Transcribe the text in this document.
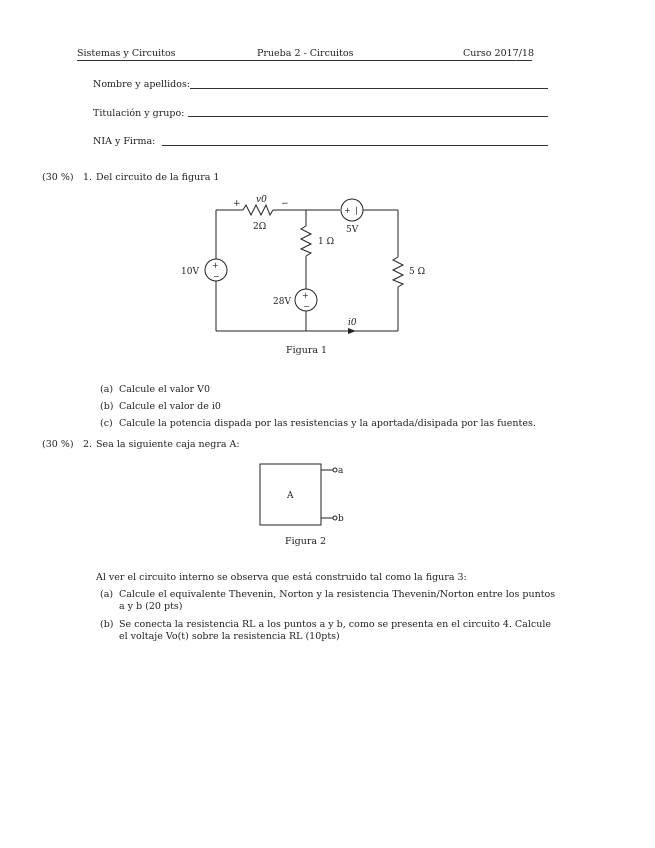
Sistemas y Circuitos	Prueba 2 - Circuitos	Curso 2017/18
Nombre y apellidos:
Titulación y grupo:
NIA y Firma:
(30 %) 1. Del circuito de la figura 1
+
−
+
−
+ |
+	−
v0
2Ω
1 Ω
5 Ω
10V
28V
5V
i0
Figura 1
(a) Calcule el valor V0
(b) Calcule el valor de i0
(c) Calcule la potencia dispada por las resistencias y la aportada/disipada por las fuentes.
(30 %) 2. Sea la siguiente caja negra A:
A
a
b
Figura 2
Al ver el circuito interno se observa que está construido tal como la figura 3:
(a) Calcule el equivalente Thevenin, Norton y la resistencia Thevenin/Norton entre los puntos
a y b (20 pts)
(b) Se conecta la resistencia RL a los puntos a y b, como se presenta en el circuito 4. Calcule
el voltaje Vo(t) sobre la resistencia RL (10pts)
